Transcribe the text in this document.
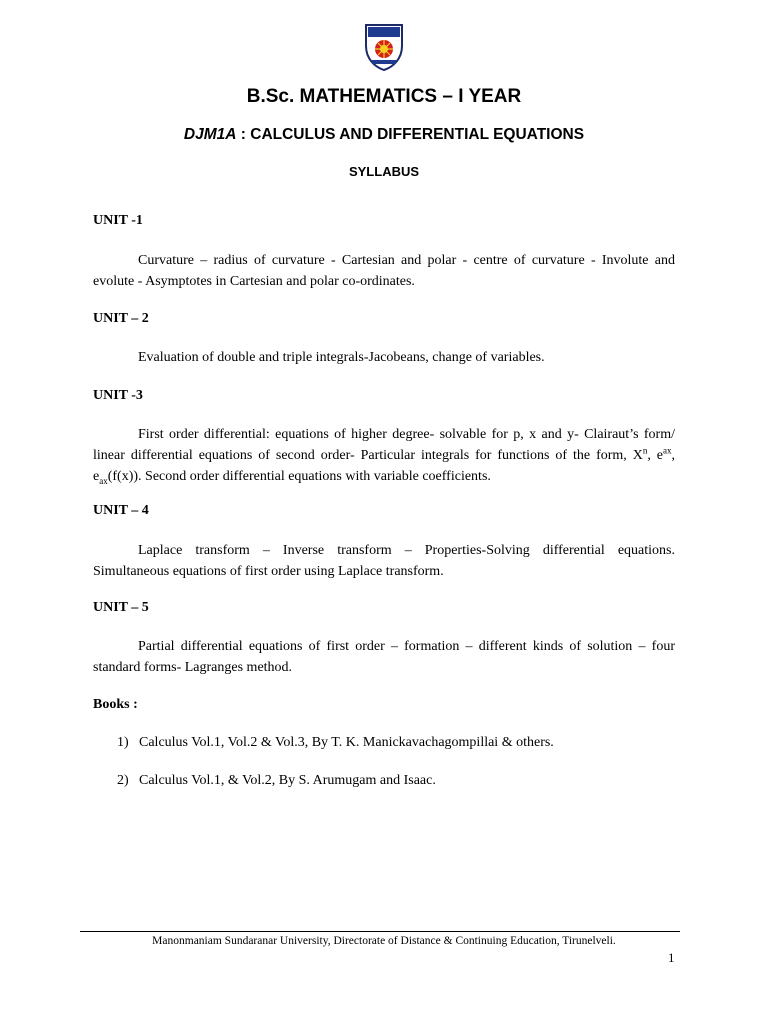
B.Sc. MATHEMATICS – I YEAR
DJM1A : CALCULUS AND DIFFERENTIAL EQUATIONS
SYLLABUS
UNIT -1
Curvature – radius of curvature - Cartesian and polar - centre of curvature - Involute and evolute - Asymptotes in Cartesian and polar co-ordinates.
UNIT – 2
Evaluation of double and triple integrals-Jacobeans, change of variables.
UNIT -3
First order differential: equations of higher degree- solvable for p, x and y- Clairaut’s form/ linear differential equations of second order- Particular integrals for functions of the form, $X^n$, $e^{ax}$, $e_{ax}(f(x))$. Second order differential equations with variable coefficients.
UNIT – 4
Laplace transform – Inverse transform – Properties-Solving differential equations. Simultaneous equations of first order using Laplace transform.
UNIT – 5
Partial differential equations of first order – formation – different kinds of solution – four standard forms- Lagranges method.
Books :
1) Calculus Vol.1, Vol.2 & Vol.3, By T. K. Manickavachagompillai & others.
2) Calculus Vol.1, & Vol.2, By S. Arumugam and Isaac.
Manonmaniam Sundaranar University, Directorate of Distance & Continuing Education, Tirunelveli.
1
